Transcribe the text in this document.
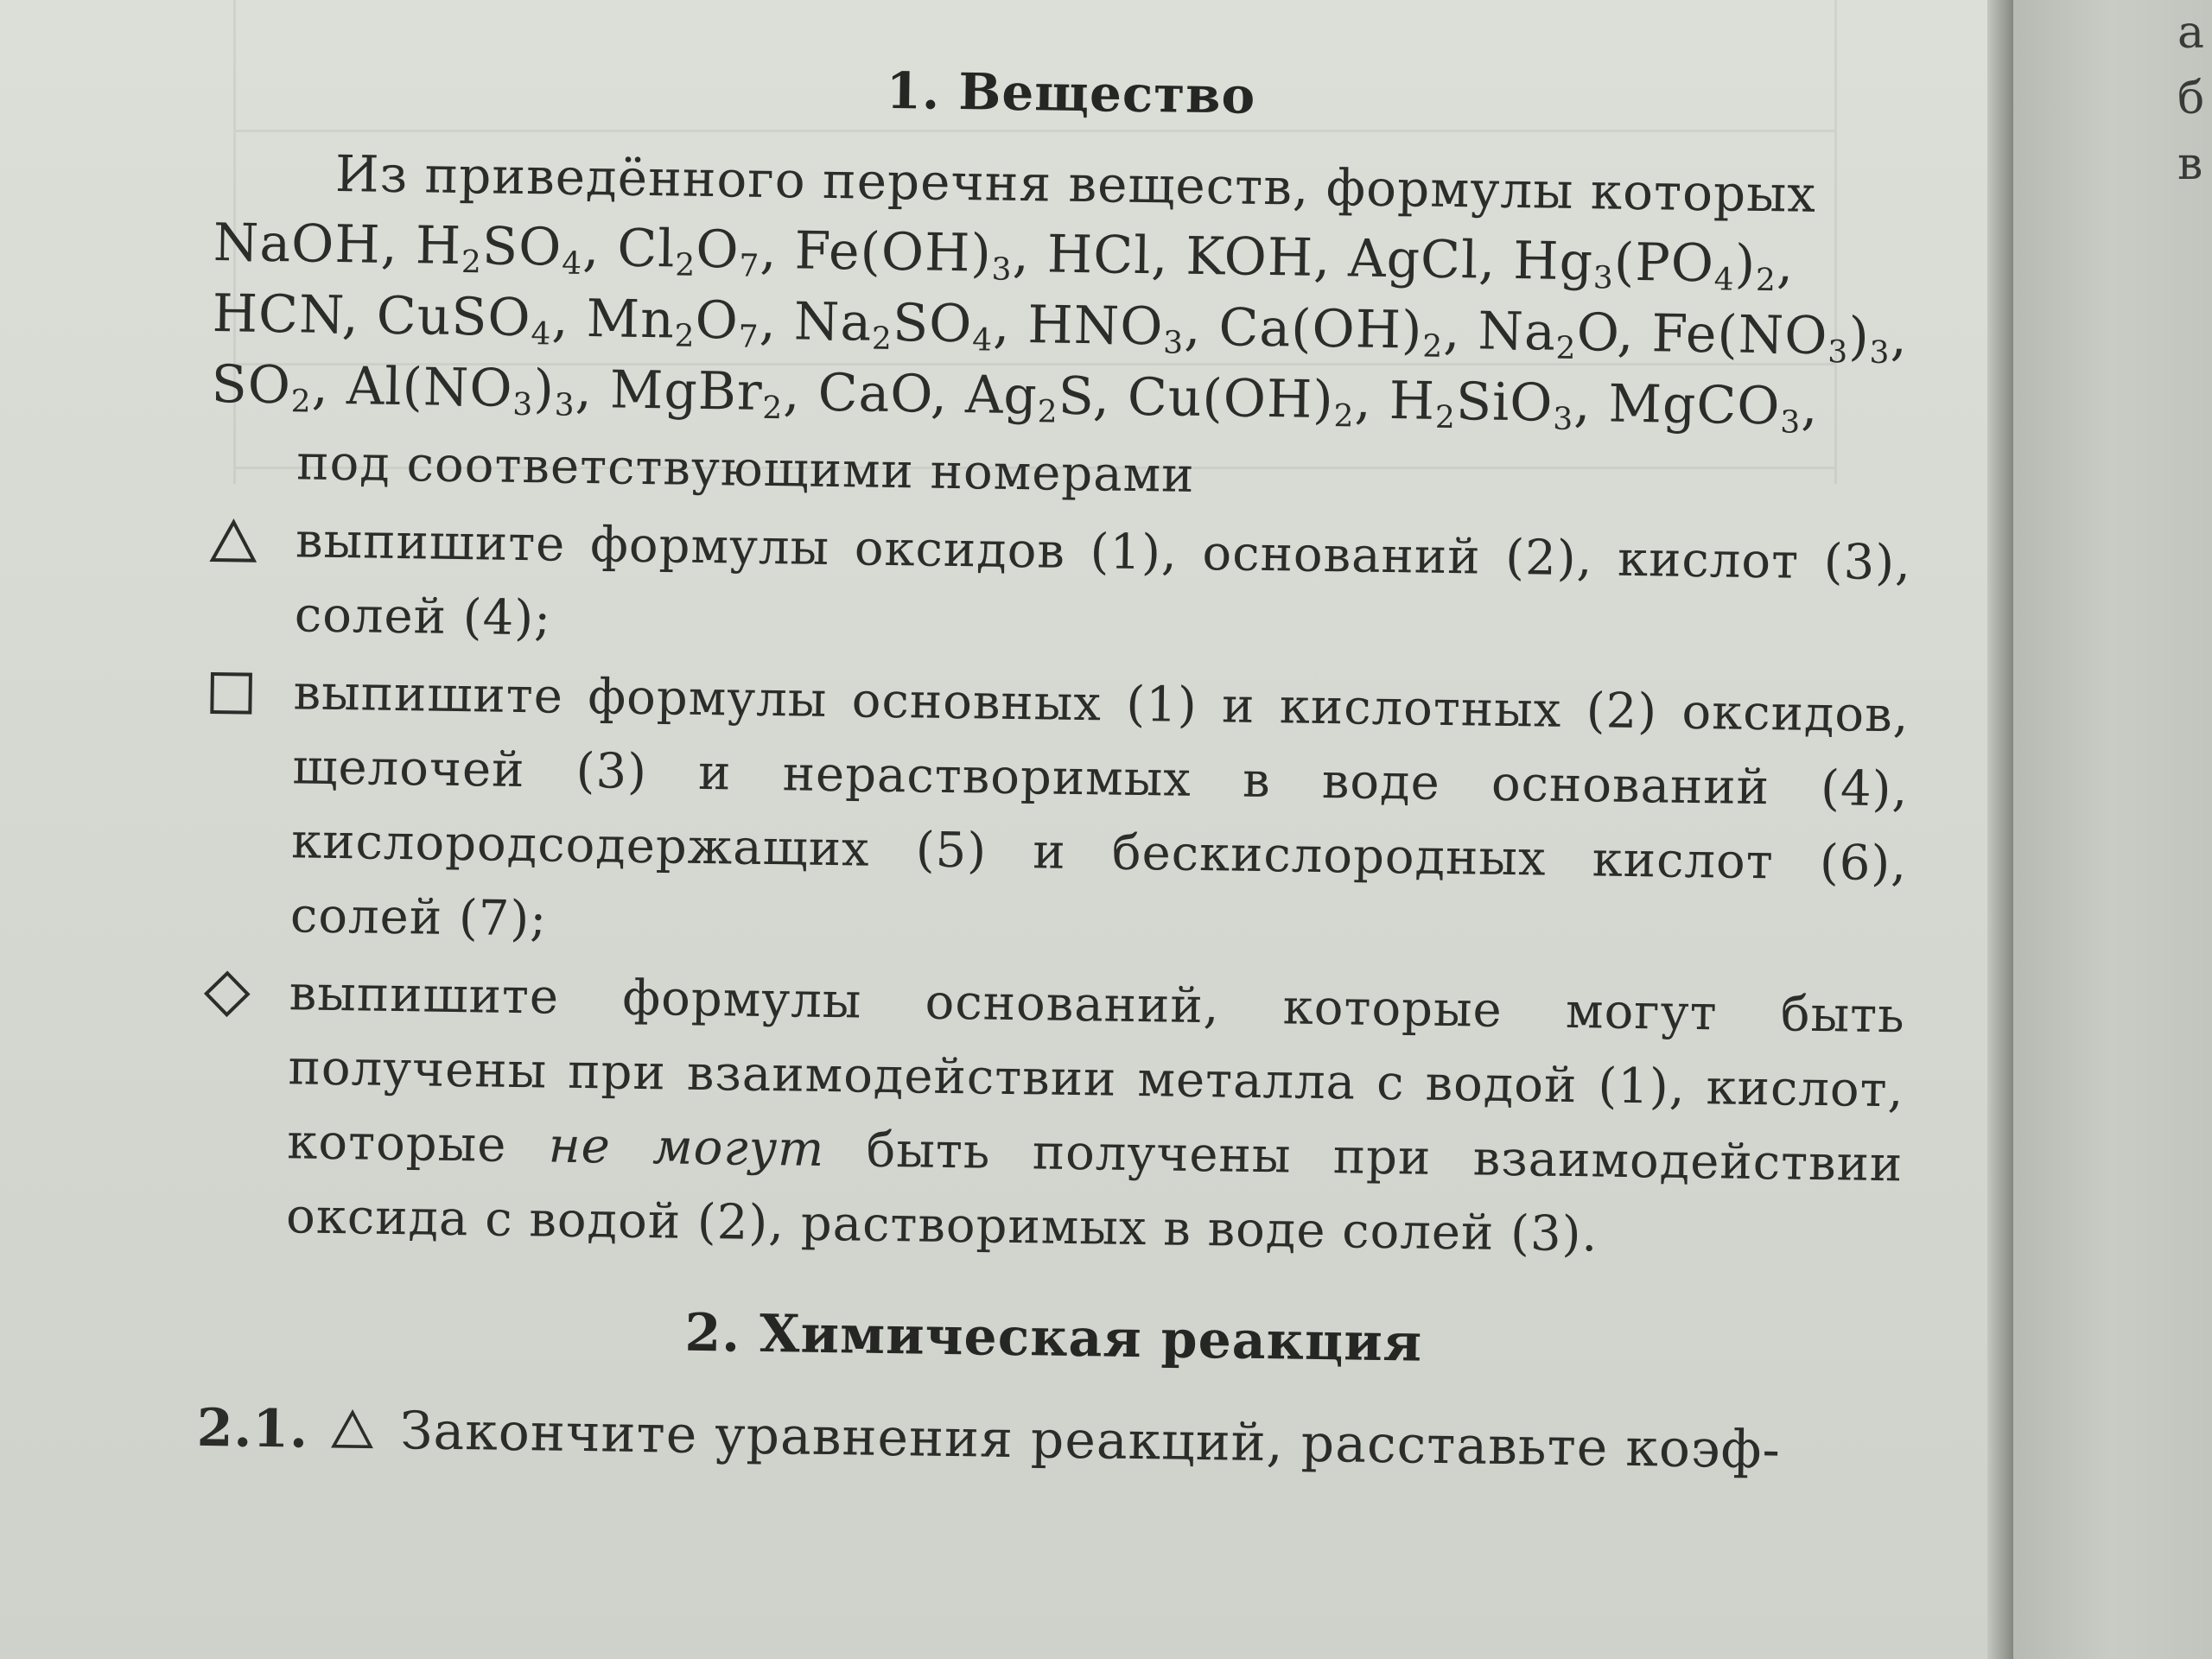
1. Вещество

Из приведённого перечня веществ, формулы которых

NaOH, $H_2SO_4$, $Cl_2O_7$, $Fe(OH)_3$, HCl, KOH, AgCl, $Hg_3(PO_4)_2$, HCN, CuSO$_4$, $Mn_2O_7$, $Na_2SO_4$, $HNO_3$, $Ca(OH)_2$, $Na_2O$, $Fe(NO_3)_3$, $SO_2$, $Al(NO_3)_3$, MgBr$_2$, CaO, $Ag_2S$, $Cu(OH)_2$, $H_2SiO_3$, MgCO$_3$,

под соответствующими номерами
выпишите формулы оксидов (1), оснований (2), кислот (3), солей (4);
выпишите формулы основных (1) и кислотных (2) оксидов, щелочей (3) и нерастворимых в воде оснований (4), кислородсодержащих (5) и бескислородных кислот (6), солей (7);
выпишите формулы оснований, которые могут быть получены при взаимодействии металла с водой (1), кислот, которые не могут быть получены при взаимодействии оксида с водой (2), растворимых в воде солей (3).
2. Химическая реакция
2.1. Закончите уравнения реакций, расставьте коэф-
а
б
в
